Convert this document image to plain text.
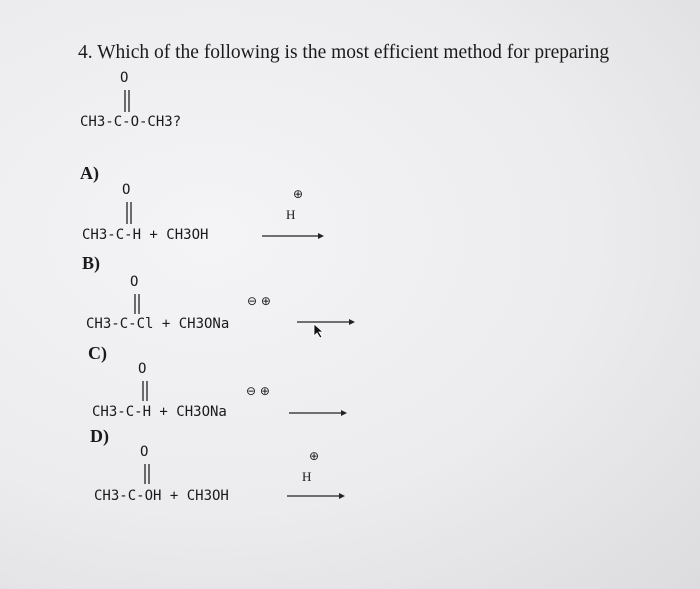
4. Which of the following is the most efficient method for preparing
O
CH3-C-O-CH3?
A)
O
CH3-C-H + CH3OH
⊕
H
B)
O
CH3-C-Cl + CH3ONa
⊖ ⊕
C)
O
CH3-C-H + CH3ONa
⊖ ⊕
D)
O
CH3-C-OH + CH3OH
⊕
H
